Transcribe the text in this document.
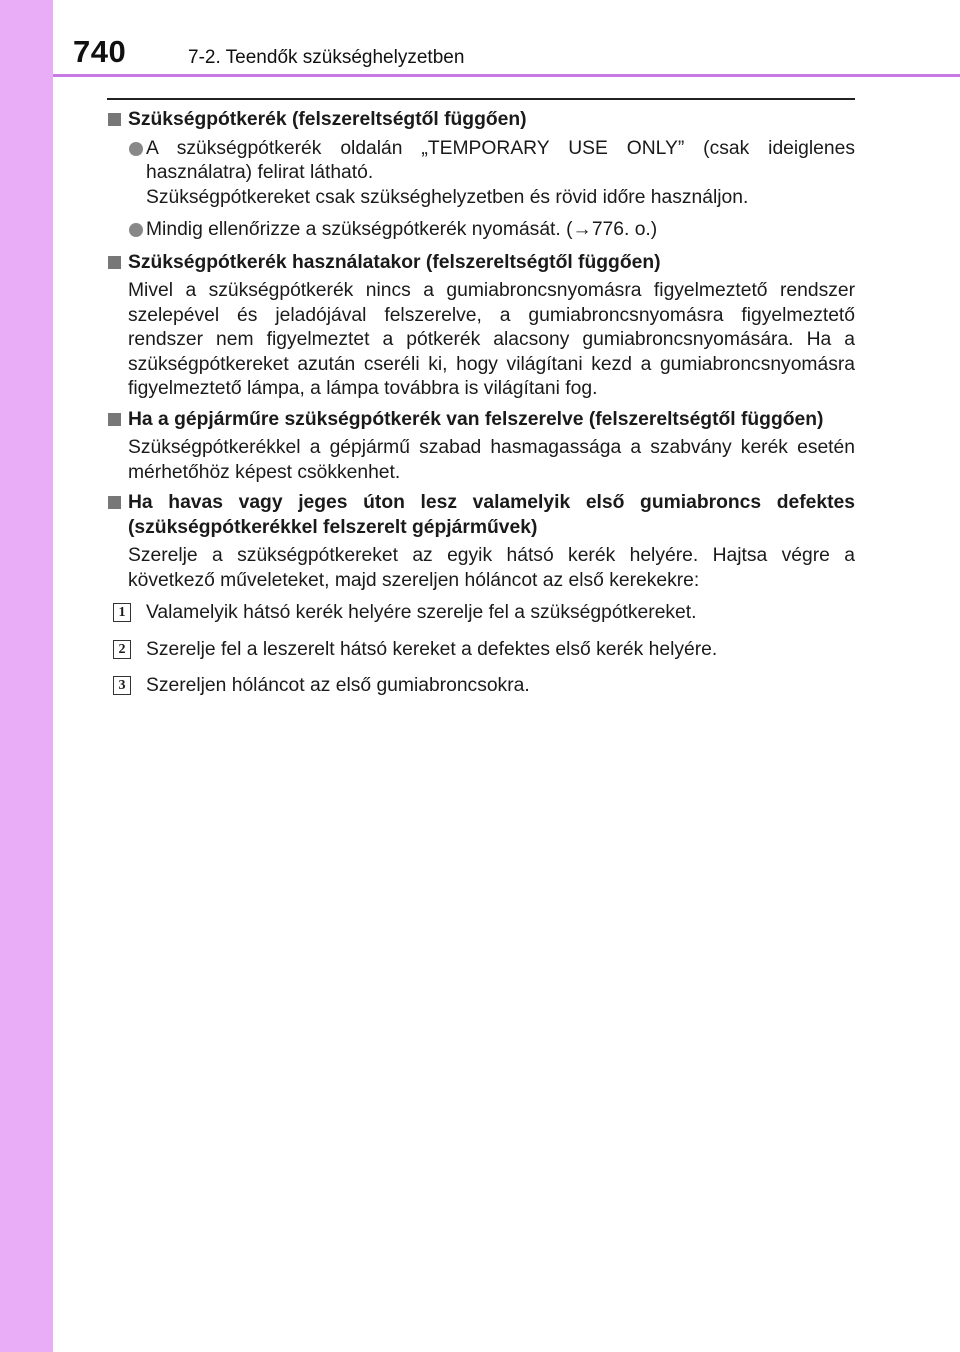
740	7-2. Teendők szükséghelyzetben
Szükségpótkerék (felszereltségtől függően)
A szükségpótkerék oldalán „TEMPORARY USE ONLY” (csak ideiglenes használatra) felirat látható.
Szükségpótkereket csak szükséghelyzetben és rövid időre használjon.
Mindig ellenőrizze a szükségpótkerék nyomását. (→776. o.)
Szükségpótkerék használatakor (felszereltségtől függően)
Mivel a szükségpótkerék nincs a gumiabroncsnyomásra figyelmeztető rendszer szelepével és jeladójával felszerelve, a gumiabroncsnyomásra figyelmeztető rendszer nem figyelmeztet a pótkerék alacsony gumiabroncsnyomására. Ha a szükségpótkereket azután cseréli ki, hogy világítani kezd a gumiabroncsnyomásra figyelmeztető lámpa, a lámpa továbbra is világítani fog.
Ha a gépjárműre szükségpótkerék van felszerelve (felszereltségtől függően)
Szükségpótkerékkel a gépjármű szabad hasmagassága a szabvány kerék esetén mérhetőhöz képest csökkenhet.
Ha havas vagy jeges úton lesz valamelyik első gumiabroncs defektes (szükségpótkerékkel felszerelt gépjárművek)
Szerelje a szükségpótkereket az egyik hátsó kerék helyére. Hajtsa végre a következő műveleteket, majd szereljen hóláncot az első kerekekre:
1 Valamelyik hátsó kerék helyére szerelje fel a szükségpótkereket.
2 Szerelje fel a leszerelt hátsó kereket a defektes első kerék helyére.
3 Szereljen hóláncot az első gumiabroncsokra.
